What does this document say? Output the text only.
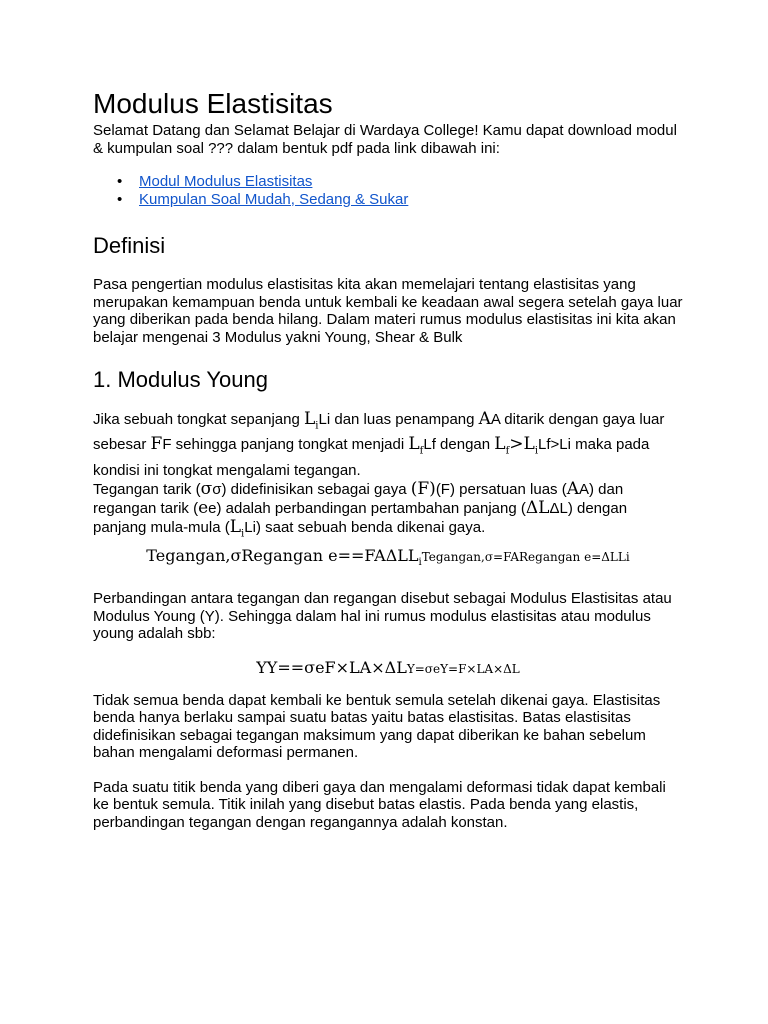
Modulus Elastisitas

Selamat Datang dan Selamat Belajar di Wardaya College! Kamu dapat download modul & kumpulan soal ??? dalam bentuk pdf pada link dibawah ini:

• Modul Modulus Elastisitas
• Kumpulan Soal Mudah, Sedang & Sukar
Definisi

Pasa pengertian modulus elastisitas kita akan memelajari tentang elastisitas yang merupakan kemampuan benda untuk kembali ke keadaan awal segera setelah gaya luar yang diberikan pada benda hilang. Dalam materi rumus modulus elastisitas ini kita akan belajar mengenai 3 Modulus yakni Young, Shear & Bulk

1. Modulus Young

Jika sebuah tongkat sepanjang $L_iLi$ dan luas penampang AA ditarik dengan gaya luar sebesar FF sehingga panjang tongkat menjadi $L_fLf$ dengan $L_f>L_iLf>Li$ maka pada kondisi ini tongkat mengalami tegangan.

Tegangan tarik (σσ) didefinisikan sebagai gaya (F)(F) persatuan luas (AA) dan regangan tarik (ee) adalah perbandingan pertambahan panjang (ΔLΔL) dengan panjang mula-mula $(L_iLi)$ saat sebuah benda dikenai gaya.

Tegangan,σRegangan $e==FA\Delta LL_iTegangan,\sigma=FARegangan$ e=ΔLLi

Perbandingan antara tegangan dan regangan disebut sebagai Modulus Elastisitas atau Modulus Young (Y). Sehingga dalam hal ini rumus modulus elastisitas atau modulus young adalah sbb:

YY==σeF×LA×ΔLY=σeY=F×LA×ΔL

Tidak semua benda dapat kembali ke bentuk semula setelah dikenai gaya. Elastisitas benda hanya berlaku sampai suatu batas yaitu batas elastisitas. Batas elastisitas didefinisikan sebagai tegangan maksimum yang dapat diberikan ke bahan sebelum bahan mengalami deformasi permanen.

Pada suatu titik benda yang diberi gaya dan mengalami deformasi tidak dapat kembali ke bentuk semula. Titik inilah yang disebut batas elastis. Pada benda yang elastis, perbandingan tegangan dengan regangannya adalah konstan.
